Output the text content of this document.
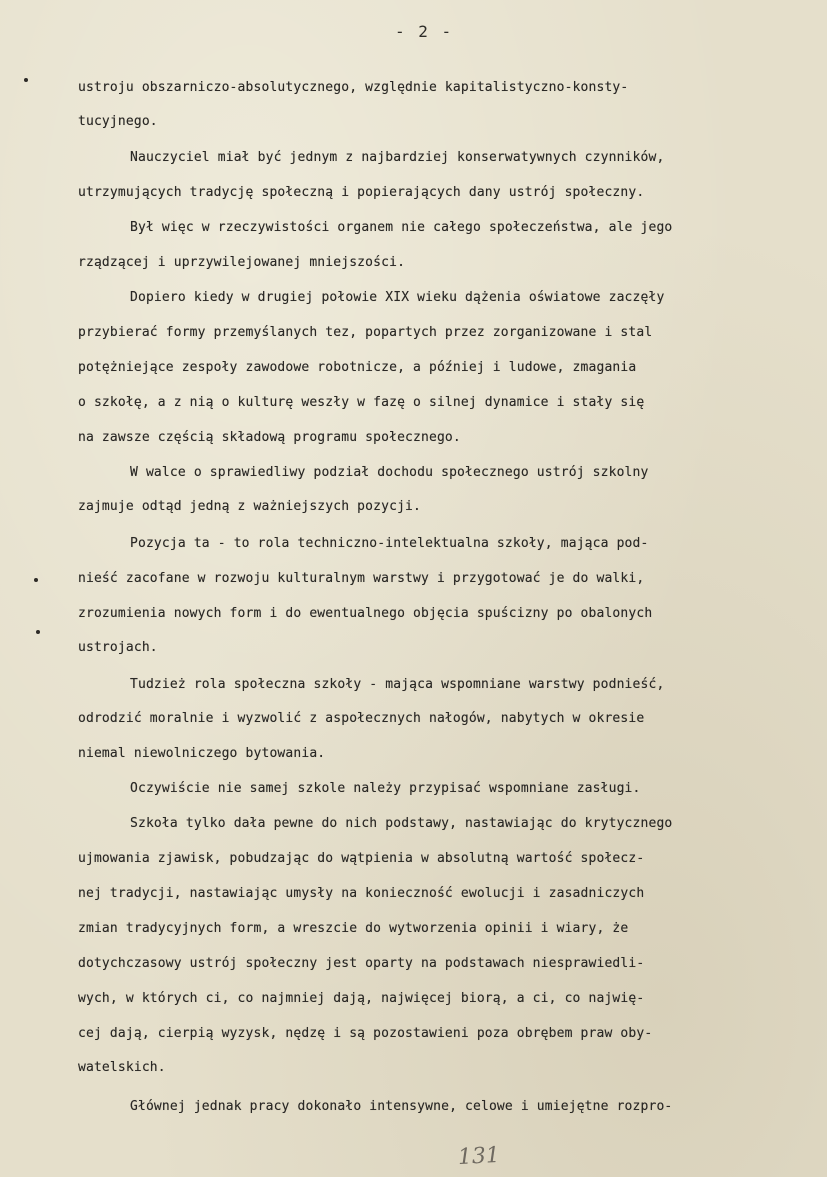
- 2 -
ustroju obszarniczo-absolutycznego, względnie kapitalistyczno-konsty-
tucyjnego.
Nauczyciel miał być jednym z najbardziej konserwatywnych czynników,
utrzymujących tradycję społeczną i popierających dany ustrój społeczny.
Był więc w rzeczywistości organem nie całego społeczeństwa, ale jego
rządzącej i uprzywilejowanej mniejszości.
Dopiero kiedy w drugiej połowie XIX wieku dążenia oświatowe zaczęły
przybierać formy przemyślanych tez, popartych przez zorganizowane i stal
potężniejące zespoły zawodowe robotnicze, a później i ludowe, zmagania
o szkołę, a z nią o kulturę weszły w fazę o silnej dynamice i stały się
na zawsze częścią składową programu społecznego.
W walce o sprawiedliwy podział dochodu społecznego ustrój szkolny
zajmuje odtąd jedną z ważniejszych pozycji.
Pozycja ta - to rola techniczno-intelektualna szkoły, mająca pod-
nieść zacofane w rozwoju kulturalnym warstwy i przygotować je do walki,
zrozumienia nowych form i do ewentualnego objęcia spuścizny po obalonych
ustrojach.
Tudzież rola społeczna szkoły - mająca wspomniane warstwy podnieść,
odrodzić moralnie i wyzwolić z aspołecznych nałogów, nabytych w okresie
niemal niewolniczego bytowania.
Oczywiście nie samej szkole należy przypisać wspomniane zasługi.
Szkoła tylko dała pewne do nich podstawy, nastawiając do krytycznego
ujmowania zjawisk, pobudzając do wątpienia w absolutną wartość społecz-
nej tradycji, nastawiając umysły na konieczność ewolucji i zasadniczych
zmian tradycyjnych form, a wreszcie do wytworzenia opinii i wiary, że
dotychczasowy ustrój społeczny jest oparty na podstawach niesprawiedli-
wych, w których ci, co najmniej dają, najwięcej biorą, a ci, co najwię-
cej dają, cierpią wyzysk, nędzę i są pozostawieni poza obrębem praw oby-
watelskich.
Głównej jednak pracy dokonało intensywne, celowe i umiejętne rozpro-
131
